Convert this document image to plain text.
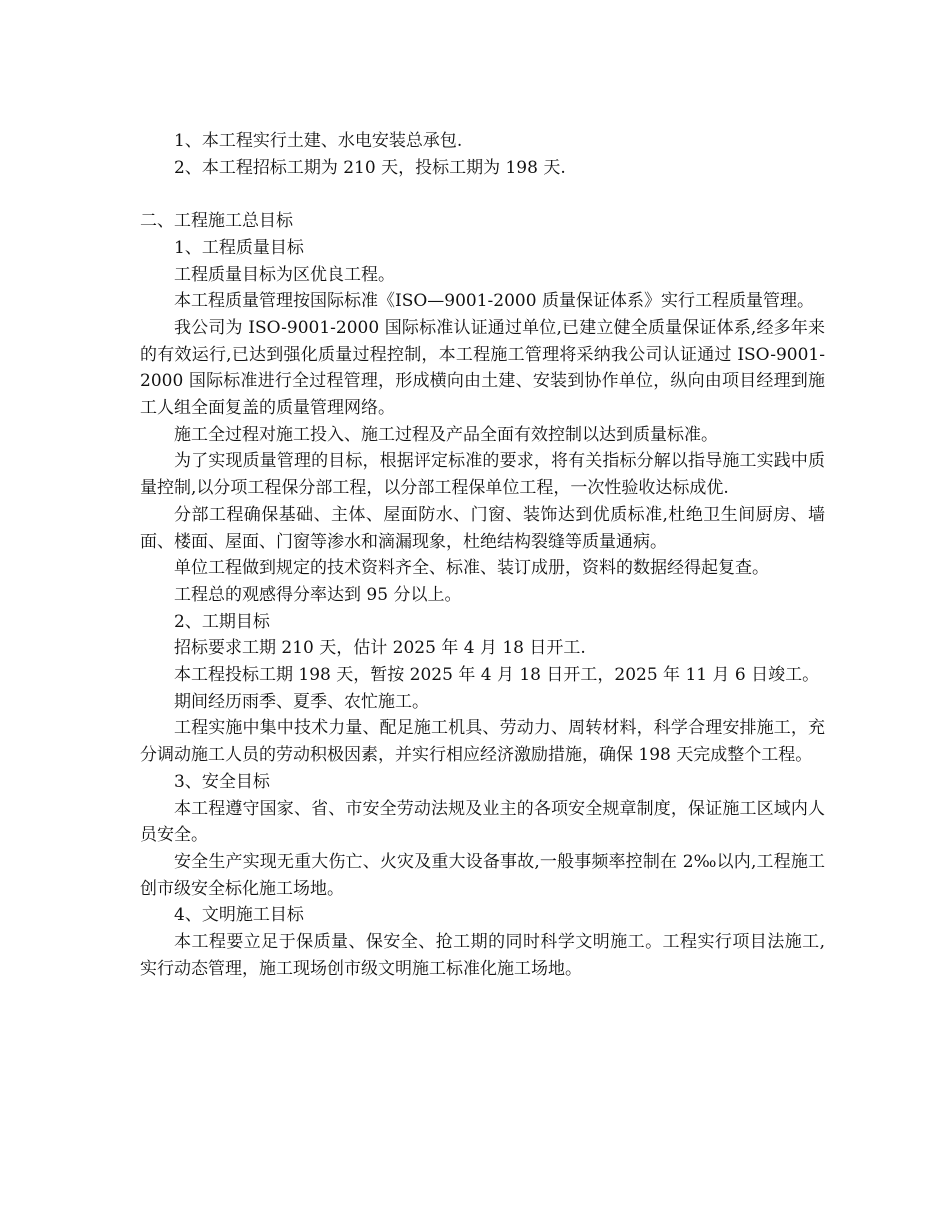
1、本工程实行土建、水电安装总承包.

2、本工程招标工期为 210 天，投标工期为 198 天.

二、工程施工总目标

1、工程质量目标

工程质量目标为区优良工程。

本工程质量管理按国际标准《ISO—9001-2000 质量保证体系》实行工程质量管理。

我公司为 ISO-9001-2000 国际标准认证通过单位,已建立健全质量保证体系,经多年来的有效运行,已达到强化质量过程控制，本工程施工管理将采纳我公司认证通过 ISO-9001-2000 国际标准进行全过程管理，形成横向由土建、安装到协作单位，纵向由项目经理到施工人组全面复盖的质量管理网络。

施工全过程对施工投入、施工过程及产品全面有效控制以达到质量标准。

为了实现质量管理的目标，根据评定标准的要求，将有关指标分解以指导施工实践中质量控制,以分项工程保分部工程，以分部工程保单位工程，一次性验收达标成优.

分部工程确保基础、主体、屋面防水、门窗、装饰达到优质标准,杜绝卫生间厨房、墙面、楼面、屋面、门窗等渗水和滴漏现象，杜绝结构裂缝等质量通病。

单位工程做到规定的技术资料齐全、标准、装订成册，资料的数据经得起复查。

工程总的观感得分率达到 95 分以上。

2、工期目标

招标要求工期 210 天，估计 2025 年 4 月 18 日开工.

本工程投标工期 198 天，暂按 2025 年 4 月 18 日开工，2025 年 11 月 6 日竣工。

期间经历雨季、夏季、农忙施工。

工程实施中集中技术力量、配足施工机具、劳动力、周转材料，科学合理安排施工，充分调动施工人员的劳动积极因素，并实行相应经济激励措施，确保 198 天完成整个工程。

3、安全目标

本工程遵守国家、省、市安全劳动法规及业主的各项安全规章制度，保证施工区域内人员安全。

安全生产实现无重大伤亡、火灾及重大设备事故,一般事频率控制在 2‰以内,工程施工创市级安全标化施工场地。

4、文明施工目标

本工程要立足于保质量、保安全、抢工期的同时科学文明施工。工程实行项目法施工,实行动态管理，施工现场创市级文明施工标准化施工场地。
